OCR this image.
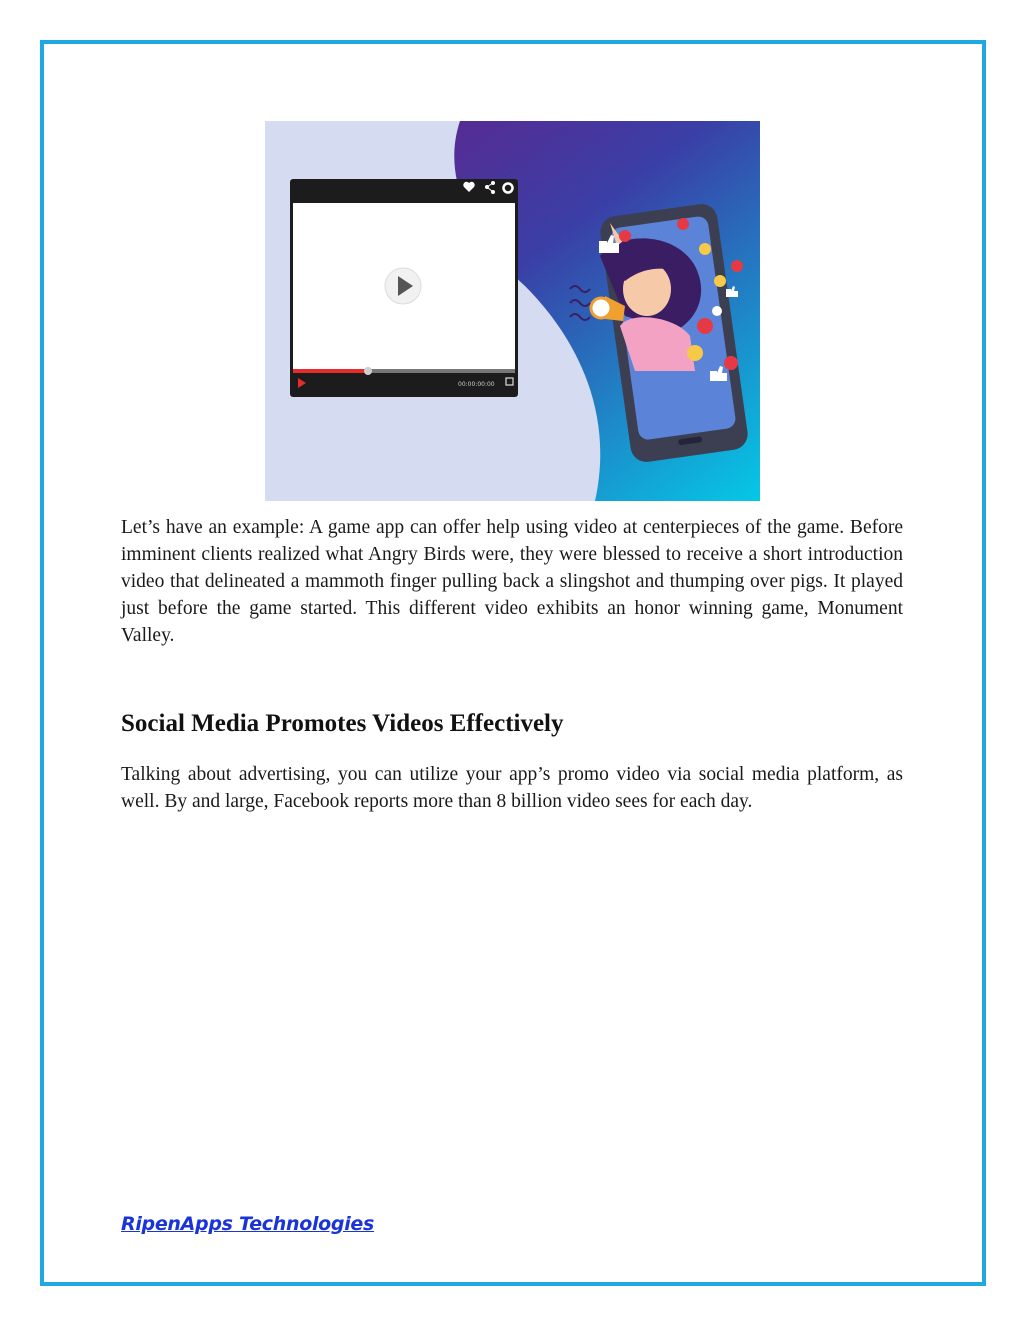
00:00:00:00

Let’s have an example: A game app can offer help using video at centerpieces of the game. Before imminent clients realized what Angry Birds were, they were blessed to receive a short introduction video that delineated a mammoth finger pulling back a slingshot and thumping over pigs. It played just before the game started. This different video exhibits an honor winning game, Monument Valley.

Social Media Promotes Videos Effectively

Talking about advertising, you can utilize your app’s promo video via social media platform, as well. By and large, Facebook reports more than 8 billion video sees for each day.

RipenApps Technologies
